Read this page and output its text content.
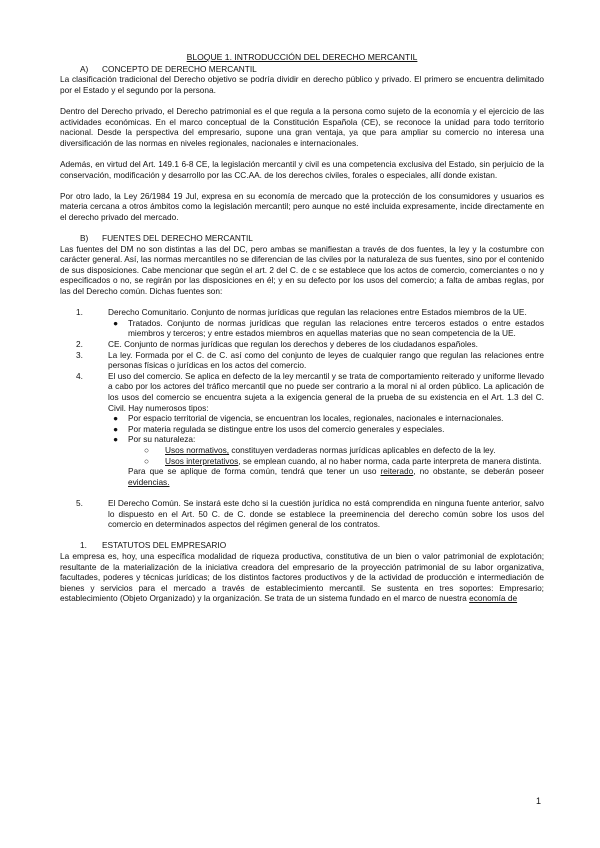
BLOQUE 1. INTRODUCCIÓN DEL DERECHO MERCANTIL
A) CONCEPTO DE DERECHO MERCANTIL

La clasificación tradicional del Derecho objetivo se podría dividir en derecho público y privado. El primero se encuentra delimitado por el Estado y el segundo por la persona.

Dentro del Derecho privado, el Derecho patrimonial es el que regula a la persona como sujeto de la economía y el ejercicio de las actividades económicas. En el marco conceptual de la Constitución Española (CE), se reconoce la unidad para todo territorio nacional. Desde la perspectiva del empresario, supone una gran ventaja, ya que para ampliar su comercio no interesa una diversificación de las normas en niveles regionales, nacionales e internacionales.

Además, en virtud del Art. 149.1 6-8 CE, la legislación mercantil y civil es una competencia exclusiva del Estado, sin perjuicio de la conservación, modificación y desarrollo por las CC.AA. de los derechos civiles, forales o especiales, allí donde existan.

Por otro lado, la Ley 26/1984 19 Jul, expresa en su economía de mercado que la protección de los consumidores y usuarios es materia cercana a otros ámbitos como la legislación mercantil; pero aunque no esté incluida expresamente, incide directamente en el derecho privado del mercado.

B) FUENTES DEL DERECHO MERCANTIL

Las fuentes del DM no son distintas a las del DC, pero ambas se manifiestan a través de dos fuentes, la ley y la costumbre con carácter general. Así, las normas mercantiles no se diferencian de las civiles por la naturaleza de sus fuentes, sino por el contenido de sus disposiciones. Cabe mencionar que según el art. 2 del C. de c se establece que los actos de comercio, comerciantes o no y especificados o no, se regirán por las disposiciones en él; y en su defecto por los usos del comercio; a falta de ambas reglas, por las del Derecho común. Dichas fuentes son:

1.	Derecho Comunitario. Conjunto de normas jurídicas que regulan las relaciones entre Estados miembros de la UE.
● Tratados. Conjunto de normas jurídicas que regulan las relaciones entre terceros estados o entre estados miembros y terceros; y entre estados miembros en aquellas materias que no sean competencia de la UE.
2.	CE. Conjunto de normas jurídicas que regulan los derechos y deberes de los ciudadanos españoles.
3.	La ley. Formada por el C. de C. así como del conjunto de leyes de cualquier rango que regulan las relaciones entre personas físicas o jurídicas en los actos del comercio.
4.	El uso del comercio. Se aplica en defecto de la ley mercantil y se trata de comportamiento reiterado y uniforme llevado a cabo por los actores del tráfico mercantil que no puede ser contrario a la moral ni al orden público. La aplicación de los usos del comercio se encuentra sujeta a la exigencia general de la prueba de su existencia en el Art. 1.3 del C. Civil. Hay numerosos tipos:
● Por espacio territorial de vigencia, se encuentran los locales, regionales, nacionales e internacionales.
● Por materia regulada se distingue entre los usos del comercio generales y especiales.
● Por su naturaleza:
○ Usos normativos, constituyen verdaderas normas jurídicas aplicables en defecto de la ley.
○ Usos interpretativos, se emplean cuando, al no haber norma, cada parte interpreta de manera distinta.
Para que se aplique de forma común, tendrá que tener un uso reiterado, no obstante, se deberán poseer evidencias.
5.	El Derecho Común. Se instará este dcho si la cuestión jurídica no está comprendida en ninguna fuente anterior, salvo lo dispuesto en el Art. 50 C. de C. donde se establece la preeminencia del derecho común sobre los usos del comercio en determinados aspectos del régimen general de los contratos.
1. ESTATUTOS DEL EMPRESARIO

La empresa es, hoy, una específica modalidad de riqueza productiva, constitutiva de un bien o valor patrimonial de explotación; resultante de la materialización de la iniciativa creadora del empresario de la proyección patrimonial de su labor organizativa, facultades, poderes y técnicas jurídicas; de los distintos factores productivos y de la actividad de producción e intermediación de bienes y servicios para el mercado a través de establecimiento mercantil. Se sustenta en tres soportes: Empresario; establecimiento (Objeto Organizado) y la organización. Se trata de un sistema fundado en el marco de nuestra economía de

1
